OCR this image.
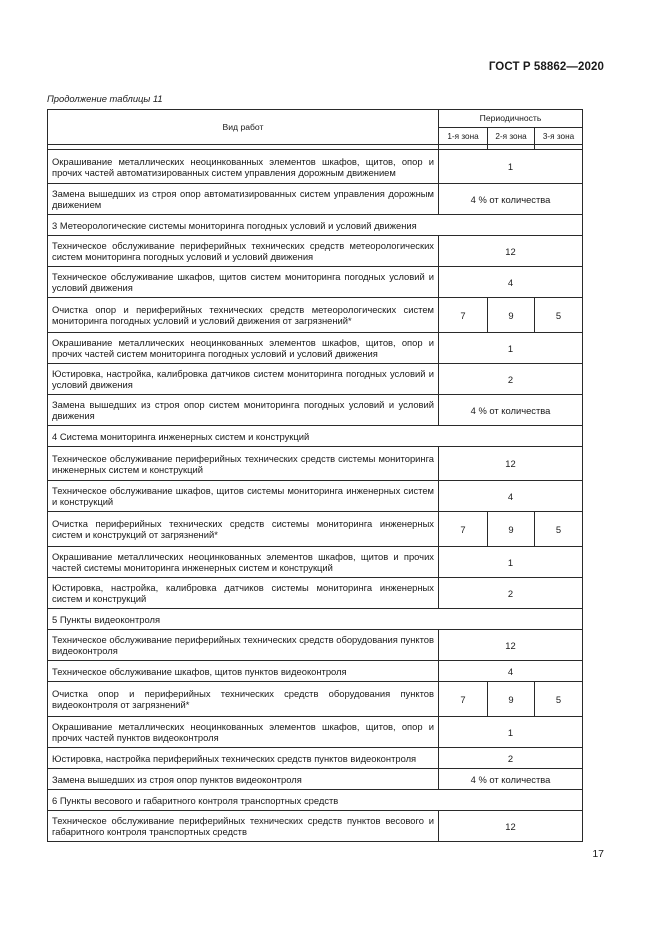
ГОСТ Р 58862—2020
Продолжение таблицы 11
Вид работ	Периодичность		
	1-я зона	2-я зона	3-я зона

Окрашивание металлических неоцинкованных элементов шкафов, щитов, опор и прочих частей автоматизированных систем управления дорожным движением	1		
Замена вышедших из строя опор автоматизированных систем управления дорожным движением	4 % от количества		
3 Метеорологические системы мониторинга погодных условий и условий движения			
Техническое обслуживание периферийных технических средств метеорологических систем мониторинга погодных условий и условий движения	12		
Техническое обслуживание шкафов, щитов систем мониторинга погодных условий и условий движения	4		
Очистка опор и периферийных технических средств метеорологических систем мониторинга погодных условий и условий движения от загрязнений*	7	9	5
Окрашивание металлических неоцинкованных элементов шкафов, щитов, опор и прочих частей систем мониторинга погодных условий и условий движения	1		
Юстировка, настройка, калибровка датчиков систем мониторинга погодных условий и условий движения	2		
Замена вышедших из строя опор систем мониторинга погодных условий и условий движения	4 % от количества		
4 Система мониторинга инженерных систем и конструкций			
Техническое обслуживание периферийных технических средств системы мониторинга инженерных систем и конструкций	12		
Техническое обслуживание шкафов, щитов системы мониторинга инженерных систем и конструкций	4		
Очистка периферийных технических средств системы мониторинга инженерных систем и конструкций от загрязнений*	7	9	5
Окрашивание металлических неоцинкованных элементов шкафов, щитов и прочих частей системы мониторинга инженерных систем и конструкций	1		
Юстировка, настройка, калибровка датчиков системы мониторинга инженерных систем и конструкций	2		
5 Пункты видеоконтроля			
Техническое обслуживание периферийных технических средств оборудования пунктов видеоконтроля	12		
Техническое обслуживание шкафов, щитов пунктов видеоконтроля	4		
Очистка опор и периферийных технических средств оборудования пунктов видеоконтроля от загрязнений*	7	9	5
Окрашивание металлических неоцинкованных элементов шкафов, щитов, опор и прочих частей пунктов видеоконтроля	1		
Юстировка, настройка периферийных технических средств пунктов видеоконтроля	2		
Замена вышедших из строя опор пунктов видеоконтроля	4 % от количества		
6 Пункты весового и габаритного контроля транспортных средств			
Техническое обслуживание периферийных технических средств пунктов весового и габаритного контроля транспортных средств	12		
17
